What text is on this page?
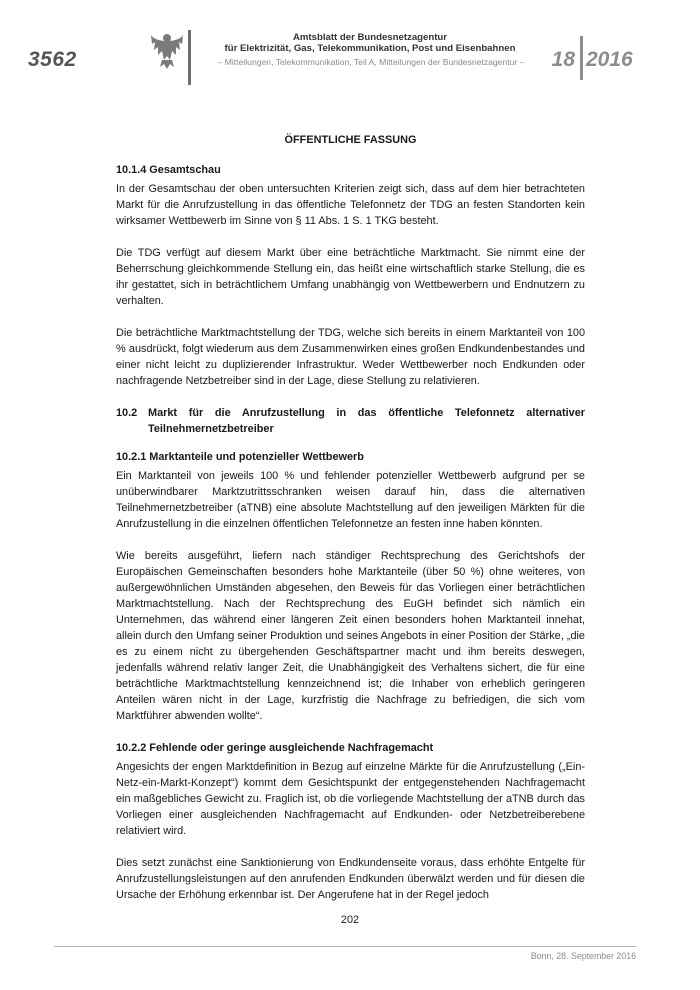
3562
Amtsblatt der Bundesnetzagentur
für Elektrizität, Gas, Telekommunikation, Post und Eisenbahnen
– Mitteilungen, Telekommunikation, Teil A, Mitteilungen der Bundesnetzagentur –	18 2016
ÖFFENTLICHE FASSUNG
10.1.4 Gesamtschau

In der Gesamtschau der oben untersuchten Kriterien zeigt sich, dass auf dem hier betrachteten Markt für die Anrufzustellung in das öffentliche Telefonnetz der TDG an festen Standorten kein wirksamer Wettbewerb im Sinne von § 11 Abs. 1 S. 1 TKG besteht.

Die TDG verfügt auf diesem Markt über eine beträchtliche Marktmacht. Sie nimmt eine der Beherrschung gleichkommende Stellung ein, das heißt eine wirtschaftlich starke Stellung, die es ihr gestattet, sich in beträchtlichem Umfang unabhängig von Wettbewerbern und Endnutzern zu verhalten.

Die beträchtliche Marktmachtstellung der TDG, welche sich bereits in einem Marktanteil von 100 % ausdrückt, folgt wiederum aus dem Zusammenwirken eines großen Endkundenbestandes und einer nicht leicht zu duplizierender Infrastruktur. Weder Wettbewerber noch Endkunden oder nachfragende Netzbetreiber sind in der Lage, diese Stellung zu relativieren.

10.2 Markt für die Anrufzustellung in das öffentliche Telefonnetz alternativer Teilnehmernetzbetreiber
10.2.1 Marktanteile und potenzieller Wettbewerb

Ein Marktanteil von jeweils 100 % und fehlender potenzieller Wettbewerb aufgrund per se unüberwindbarer Marktzutrittsschranken weisen darauf hin, dass die alternativen Teilnehmernetzbetreiber (aTNB) eine absolute Machtstellung auf den jeweiligen Märkten für die Anrufzustellung in die einzelnen öffentlichen Telefonnetze an festen inne haben könnten.

Wie bereits ausgeführt, liefern nach ständiger Rechtsprechung des Gerichtshofs der Europäischen Gemeinschaften besonders hohe Marktanteile (über 50 %) ohne weiteres, von außergewöhnlichen Umständen abgesehen, den Beweis für das Vorliegen einer beträchtlichen Marktmachtstellung. Nach der Rechtsprechung des EuGH befindet sich nämlich ein Unternehmen, das während einer längeren Zeit einen besonders hohen Marktanteil innehat, allein durch den Umfang seiner Produktion und seines Angebots in einer Position der Stärke, „die es zu einem nicht zu übergehenden Geschäftspartner macht und ihm bereits deswegen, jedenfalls während relativ langer Zeit, die Unabhängigkeit des Verhaltens sichert, die für eine beträchtliche Marktmachtstellung kennzeichnend ist; die Inhaber von erheblich geringeren Anteilen wären nicht in der Lage, kurzfristig die Nachfrage zu befriedigen, die sich vom Marktführer abwenden wollte“.

10.2.2 Fehlende oder geringe ausgleichende Nachfragemacht

Angesichts der engen Marktdefinition in Bezug auf einzelne Märkte für die Anrufzustellung („Ein-Netz-ein-Markt-Konzept“) kommt dem Gesichtspunkt der entgegenstehenden Nachfragemacht ein maßgebliches Gewicht zu. Fraglich ist, ob die vorliegende Machtstellung der aTNB durch das Vorliegen einer ausgleichenden Nachfragemacht auf Endkunden- oder Netzbetreiberebene relativiert wird.

Dies setzt zunächst eine Sanktionierung von Endkundenseite voraus, dass erhöhte Entgelte für Anrufzustellungsleistungen auf den anrufenden Endkunden überwälzt werden und für diesen die Ursache der Erhöhung erkennbar ist. Der Angerufene hat in der Regel jedoch

202
Bonn, 28. September 2016
